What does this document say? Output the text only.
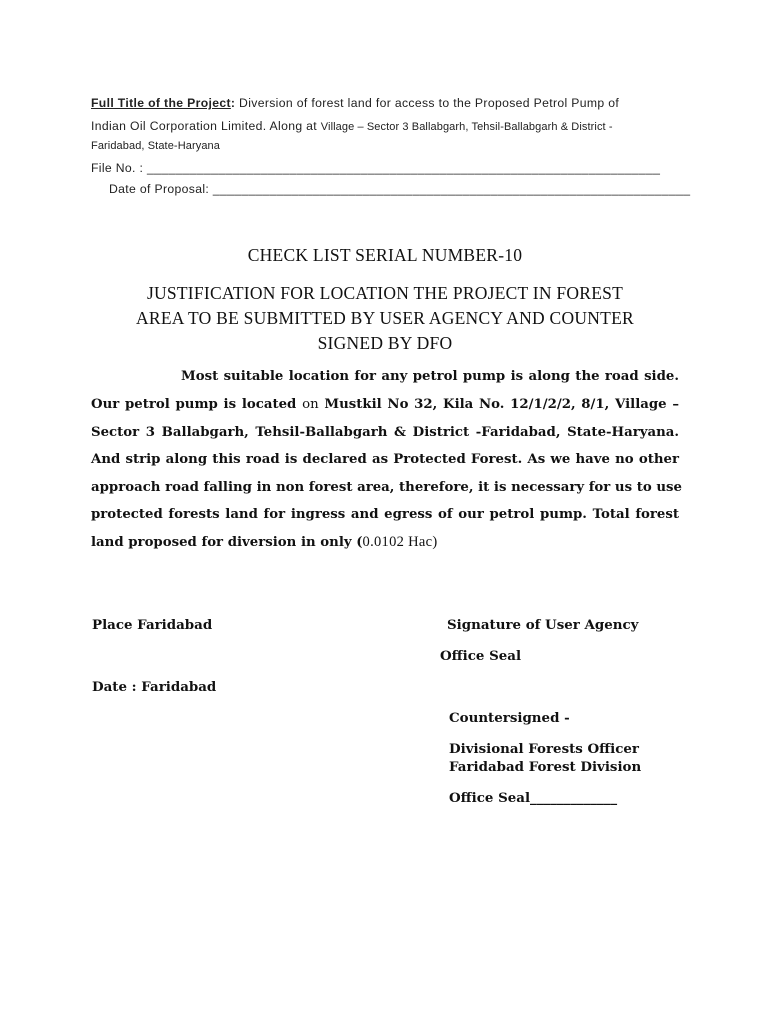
Full Title of the Project: Diversion of forest land for access to the Proposed Petrol Pump of
Indian Oil Corporation Limited. Along at Village – Sector 3 Ballabgarh, Tehsil-Ballabgarh & District -
Faridabad, State-Haryana
File No. : ________________________________________________________________________
Date of Proposal: ___________________________________________________________________
CHECK LIST SERIAL NUMBER-10
JUSTIFICATION FOR LOCATION THE PROJECT IN FOREST
AREA TO BE SUBMITTED BY USER AGENCY AND COUNTER
SIGNED BY DFO
Most suitable location for any petrol pump is along the road side.
Our petrol pump is located on Mustkil No 32, Kila No. 12/1/2/2, 8/1, Village –
Sector 3 Ballabgarh, Tehsil-Ballabgarh & District -Faridabad, State-Haryana.
And strip along this road is declared as Protected Forest. As we have no other
approach road falling in non forest area, therefore, it is necessary for us to use
protected forests land for ingress and egress of our petrol pump. Total forest
land proposed for diversion in only (0.0102 Hac)
Place Faridabad	Signature of User Agency
Office Seal
Date : Faridabad
Countersigned -
Divisional Forests Officer
Faridabad Forest Division
Office Seal_____________
